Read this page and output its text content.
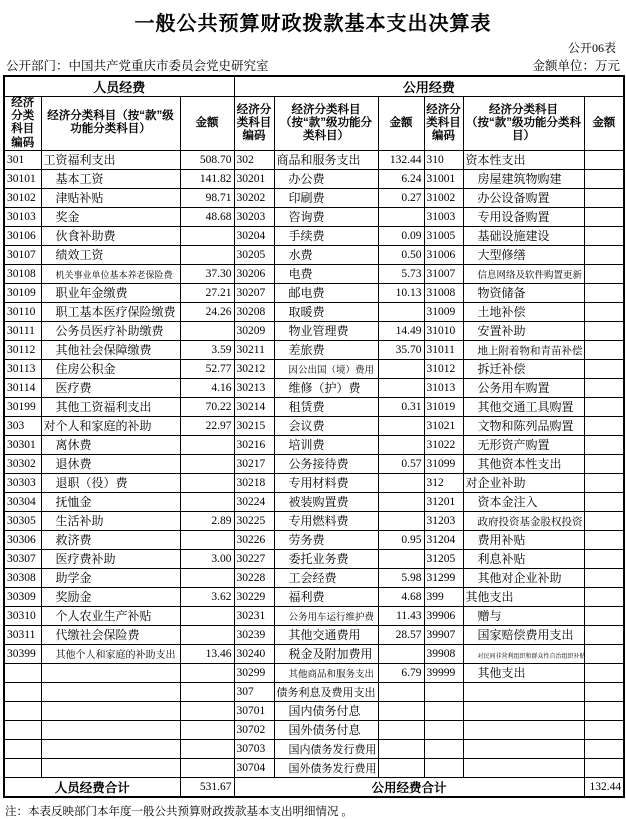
一般公共预算财政拨款基本支出决算表
公开06表
公开部门：中国共产党重庆市委员会党史研究室	金额单位：万元
人员经费			公用经费					
经济分类科目编码	经济分类科目（按“款”级功能分类科目）	金额	经济分类科目编码	经济分类科目（按“款”级功能分类科目）	金额	经济分类科目编码	经济分类科目（按“款”级功能分类科目）	金额
301	工资福利支出	508.70	302	商品和服务支出	132.44	310	资本性支出	
30101	基本工资	141.82	30201	办公费	6.24	31001	房屋建筑物购建	
30102	津贴补贴	98.71	30202	印刷费	0.27	31002	办公设备购置	
30103	奖金	48.68	30203	咨询费		31003	专用设备购置	
30106	伙食补助费		30204	手续费	0.09	31005	基础设施建设	
30107	绩效工资		30205	水费	0.50	31006	大型修缮	
30108	机关事业单位基本养老保险费	37.30	30206	电费	5.73	31007	信息网络及软件购置更新	
30109	职业年金缴费	27.21	30207	邮电费	10.13	31008	物资储备	
30110	职工基本医疗保险缴费	24.26	30208	取暖费		31009	土地补偿	
30111	公务员医疗补助缴费		30209	物业管理费	14.49	31010	安置补助	
30112	其他社会保障缴费	3.59	30211	差旅费	35.70	31011	地上附着物和青苗补偿	
30113	住房公积金	52.77	30212	因公出国（境）费用		31012	拆迁补偿	
30114	医疗费	4.16	30213	维修（护）费		31013	公务用车购置	
30199	其他工资福利支出	70.22	30214	租赁费	0.31	31019	其他交通工具购置	
303	对个人和家庭的补助	22.97	30215	会议费		31021	文物和陈列品购置	
30301	离休费		30216	培训费		31022	无形资产购置	
30302	退休费		30217	公务接待费	0.57	31099	其他资本性支出	
30303	退职（役）费		30218	专用材料费		312	对企业补助	
30304	抚恤金		30224	被装购置费		31201	资本金注入	
30305	生活补助	2.89	30225	专用燃料费		31203	政府投资基金股权投资	
30306	救济费		30226	劳务费	0.95	31204	费用补贴	
30307	医疗费补助	3.00	30227	委托业务费		31205	利息补贴	
30308	助学金		30228	工会经费	5.98	31299	其他对企业补助	
30309	奖励金	3.62	30229	福利费	4.68	399	其他支出	
30310	个人农业生产补贴		30231	公务用车运行维护费	11.43	39906	赠与	
30311	代缴社会保险费		30239	其他交通费用	28.57	39907	国家赔偿费用支出	
30399	其他个人和家庭的补助支出	13.46	30240	税金及附加费用		39908	对民间非营利组织和群众性自治组织补贴	
			30299	其他商品和服务支出	6.79	39999	其他支出	
			307	债务利息及费用支出				
			30701	国内债务付息				
			30702	国外债务付息				
			30703	国内债务发行费用				
			30704	国外债务发行费用				
人员经费合计		531.67	公用经费合计					132.44
注：本表反映部门本年度一般公共预算财政拨款基本支出明细情况 。
